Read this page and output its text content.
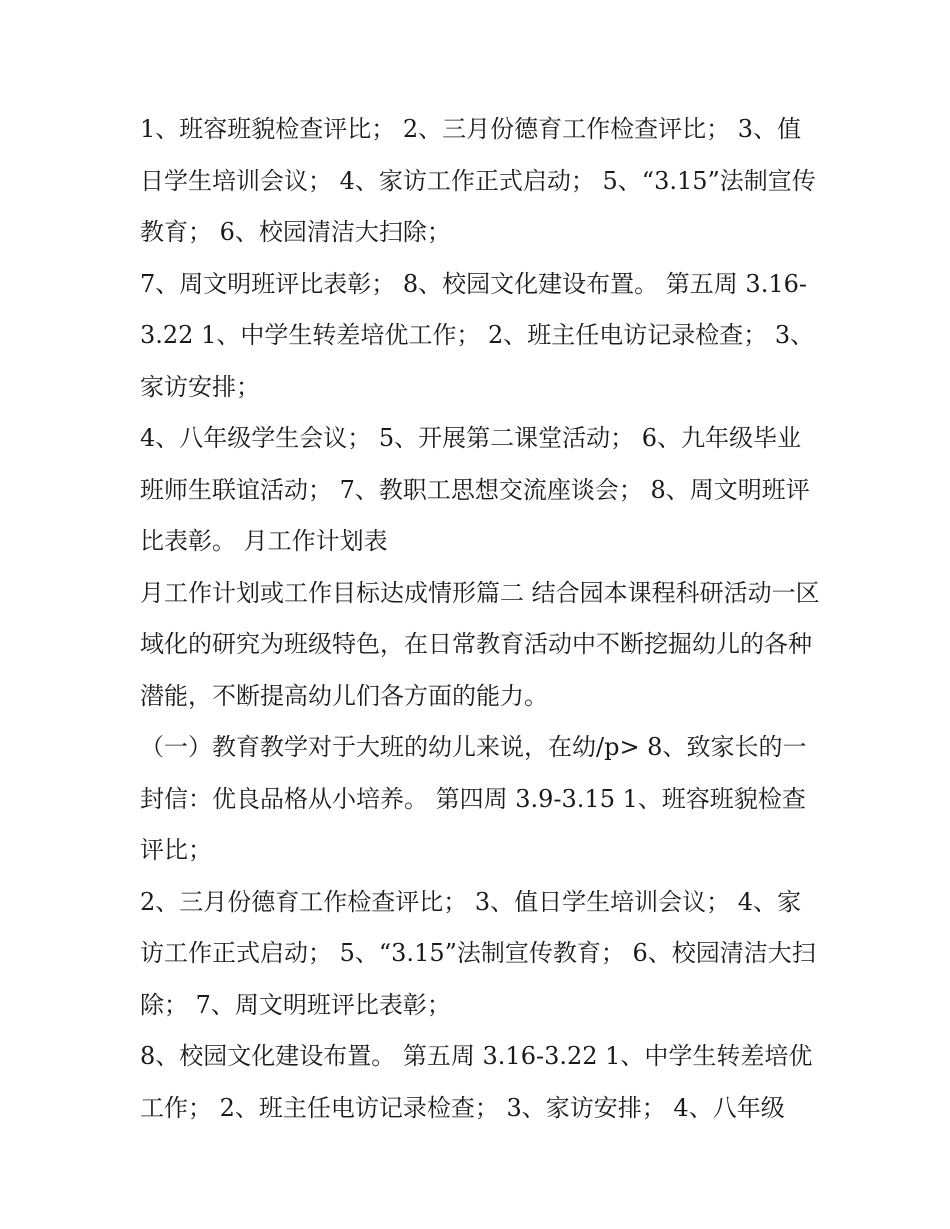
1、班容班貌检查评比； 2、三月份德育工作检查评比； 3、值日学生培训会议； 4、家访工作正式启动； 5、“3.15”法制宣传教育； 6、校园清洁大扫除；

7、周文明班评比表彰； 8、校园文化建设布置。 第五周 3.16-3.22 1、中学生转差培优工作； 2、班主任电访记录检查； 3、家访安排；

4、八年级学生会议； 5、开展第二课堂活动； 6、九年级毕业班师生联谊活动； 7、教职工思想交流座谈会； 8、周文明班评比表彰。 月工作计划表

月工作计划或工作目标达成情形篇二 结合园本课程科研活动一区域化的研究为班级特色，在日常教育活动中不断挖掘幼儿的各种潜能，不断提高幼儿们各方面的能力。

（一）教育教学对于大班的幼儿来说，在幼/p> 8、致家长的一封信：优良品格从小培养。 第四周 3.9-3.15 1、班容班貌检查评比；

2、三月份德育工作检查评比； 3、值日学生培训会议； 4、家访工作正式启动； 5、“3.15”法制宣传教育； 6、校园清洁大扫除； 7、周文明班评比表彰；

8、校园文化建设布置。 第五周 3.16-3.22 1、中学生转差培优工作； 2、班主任电访记录检查； 3、家访安排； 4、八年级
